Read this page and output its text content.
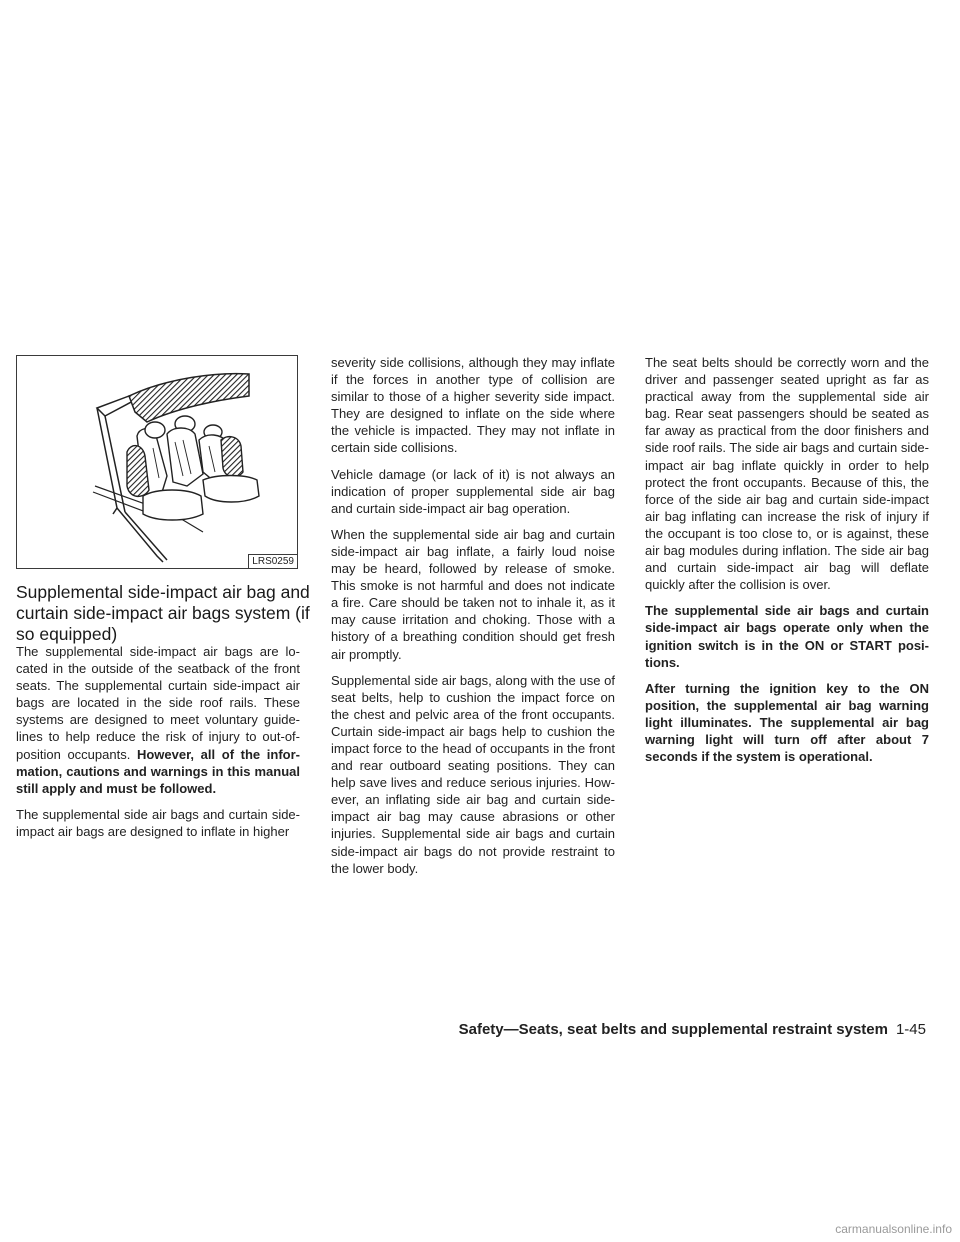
LRS0259
Supplemental side-impact air bag and curtain side-impact air bags system (if so equipped)

The supplemental side-impact air bags are lo-cated in the outside of the seatback of the front seats. The supplemental curtain side-impact air bags are located in the side roof rails. These systems are designed to meet voluntary guide-lines to help reduce the risk of injury to out-of-position occupants. However, all of the infor-mation, cautions and warnings in this manual still apply and must be followed.

The supplemental side air bags and curtain side-impact air bags are designed to inflate in higher

severity side collisions, although they may inflate if the forces in another type of collision are similar to those of a higher severity side impact. They are designed to inflate on the side where the vehicle is impacted. They may not inflate in certain side collisions.

Vehicle damage (or lack of it) is not always an indication of proper supplemental side air bag and curtain side-impact air bag operation.

When the supplemental side air bag and curtain side-impact air bag inflate, a fairly loud noise may be heard, followed by release of smoke. This smoke is not harmful and does not indicate a fire. Care should be taken not to inhale it, as it may cause irritation and choking. Those with a history of a breathing condition should get fresh air promptly.

Supplemental side air bags, along with the use of seat belts, help to cushion the impact force on the chest and pelvic area of the front occupants. Curtain side-impact air bags help to cushion the impact force to the head of occupants in the front and rear outboard seating positions. They can help save lives and reduce serious injuries. How-ever, an inflating side air bag and curtain side-impact air bag may cause abrasions or other injuries. Supplemental side air bags and curtain side-impact air bags do not provide restraint to the lower body.

The seat belts should be correctly worn and the driver and passenger seated upright as far as practical away from the supplemental side air bag. Rear seat passengers should be seated as far away as practical from the door finishers and side roof rails. The side air bags and curtain side-impact air bag inflate quickly in order to help protect the front occupants. Because of this, the force of the side air bag and curtain side-impact air bag inflating can increase the risk of injury if the occupant is too close to, or is against, these air bag modules during inflation. The side air bag and curtain side-impact air bag will deflate quickly after the collision is over.

The supplemental side air bags and curtain side-impact air bags operate only when the ignition switch is in the ON or START posi-tions.

After turning the ignition key to the ON position, the supplemental air bag warning light illuminates. The supplemental air bag warning light will turn off after about 7 seconds if the system is operational.

Safety—Seats, seat belts and supplemental restraint system 1-45
carmanualsonline.info
